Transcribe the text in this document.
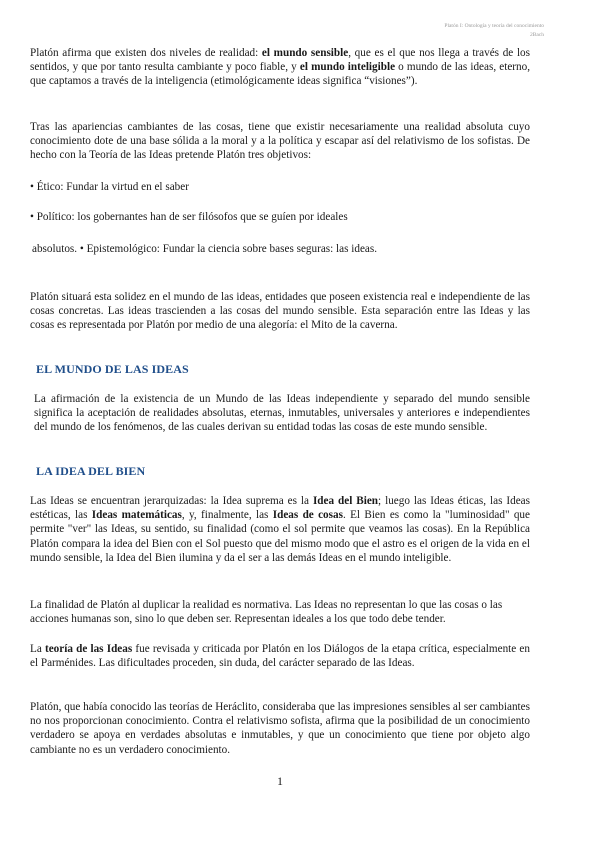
Platón I: Ontología y teoría del conocimiento
2Bach

Platón afirma que existen dos niveles de realidad: el mundo sensible, que es el que nos llega a través de los sentidos, y que por tanto resulta cambiante y poco fiable, y el mundo inteligible o mundo de las ideas, eterno, que captamos a través de la inteligencia (etimológicamente ideas significa “visiones”).

Tras las apariencias cambiantes de las cosas, tiene que existir necesariamente una realidad absoluta cuyo conocimiento dote de una base sólida a la moral y a la política y escapar así del relativismo de los sofistas. De hecho con la Teoría de las Ideas pretende Platón tres objetivos:

• Ético: Fundar la virtud en el saber

• Político: los gobernantes han de ser filósofos que se guíen por ideales

absolutos. • Epistemológico: Fundar la ciencia sobre bases seguras: las ideas.

Platón situará esta solidez en el mundo de las ideas, entidades que poseen existencia real e independiente de las cosas concretas. Las ideas trascienden a las cosas del mundo sensible. Esta separación entre las Ideas y las cosas es representada por Platón por medio de una alegoría: el Mito de la caverna.

EL MUNDO DE LAS IDEAS

La afirmación de la existencia de un Mundo de las Ideas independiente y separado del mundo sensible significa la aceptación de realidades absolutas, eternas, inmutables, universales y anteriores e independientes del mundo de los fenómenos, de las cuales derivan su entidad todas las cosas de este mundo sensible.

LA IDEA DEL BIEN

Las Ideas se encuentran jerarquizadas: la Idea suprema es la Idea del Bien; luego las Ideas éticas, las Ideas estéticas, las Ideas matemáticas, y, finalmente, las Ideas de cosas. El Bien es como la "luminosidad" que permite "ver" las Ideas, su sentido, su finalidad (como el sol permite que veamos las cosas). En la República Platón compara la idea del Bien con el Sol puesto que del mismo modo que el astro es el origen de la vida en el mundo sensible, la Idea del Bien ilumina y da el ser a las demás Ideas en el mundo inteligible.

La finalidad de Platón al duplicar la realidad es normativa. Las Ideas no representan lo que las cosas o las acciones humanas son, sino lo que deben ser. Representan ideales a los que todo debe tender.

La teoría de las Ideas fue revisada y criticada por Platón en los Diálogos de la etapa crítica, especialmente en el Parménides. Las dificultades proceden, sin duda, del carácter separado de las Ideas.

Platón, que había conocido las teorías de Heráclito, consideraba que las impresiones sensibles al ser cambiantes no nos proporcionan conocimiento. Contra el relativismo sofista, afirma que la posibilidad de un conocimiento verdadero se apoya en verdades absolutas e inmutables, y que un conocimiento que tiene por objeto algo cambiante no es un verdadero conocimiento.

1
